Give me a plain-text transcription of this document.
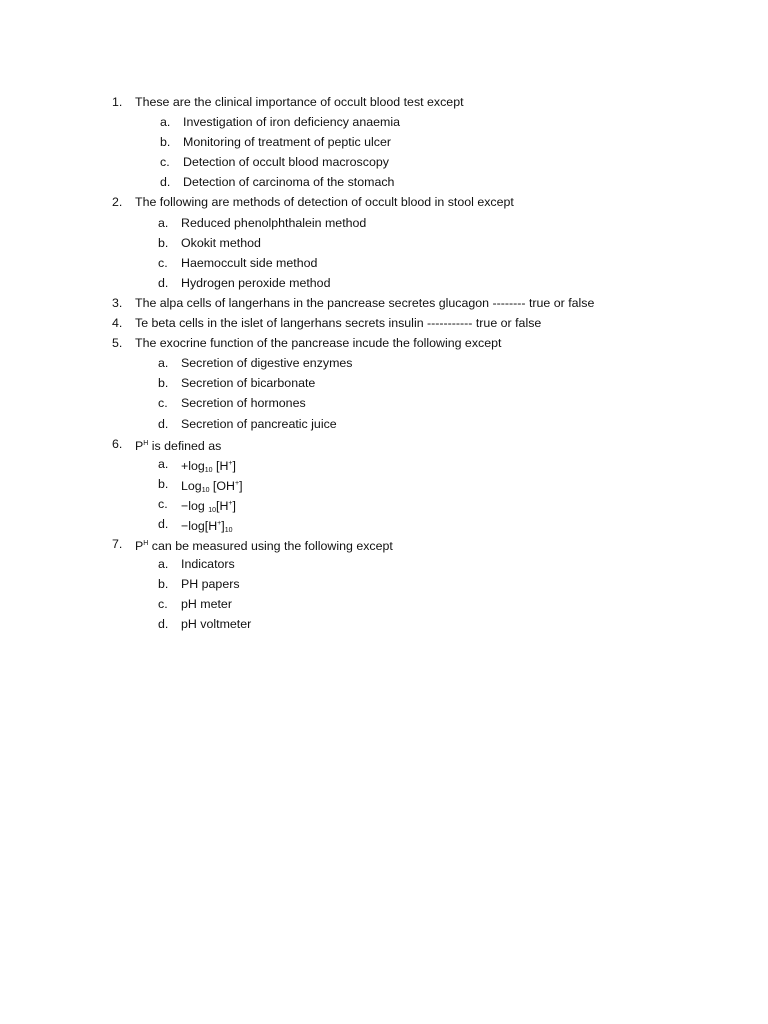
1. These are the clinical importance of occult blood test except
a. Investigation of iron deficiency anaemia
b. Monitoring of treatment of peptic ulcer
c. Detection of occult blood macroscopy
d. Detection of carcinoma of the stomach
2. The following are methods of detection of occult blood in stool except
a. Reduced phenolphthalein method
b. Okokit method
c. Haemoccult side method
d. Hydrogen peroxide method
3. The alpa cells of langerhans in the pancrease secretes glucagon -------- true or false
4. Te beta cells in the islet of langerhans secrets insulin ----------- true or false
5. The exocrine function of the pancrease incude the following except
a. Secretion of digestive enzymes
b. Secretion of bicarbonate
c. Secretion of hormones
d. Secretion of pancreatic juice
6. $P^H$ is defined as
a. $+\log_{10}$ [H+]
b. Log$_{10}$ [OH+]
c. −log $_{10}$[H+]
d. $-\log[H^+]_{10}$
7. $P^H$ can be measured using the following except
a. Indicators
b. PH papers
c. pH meter
d. pH voltmeter
